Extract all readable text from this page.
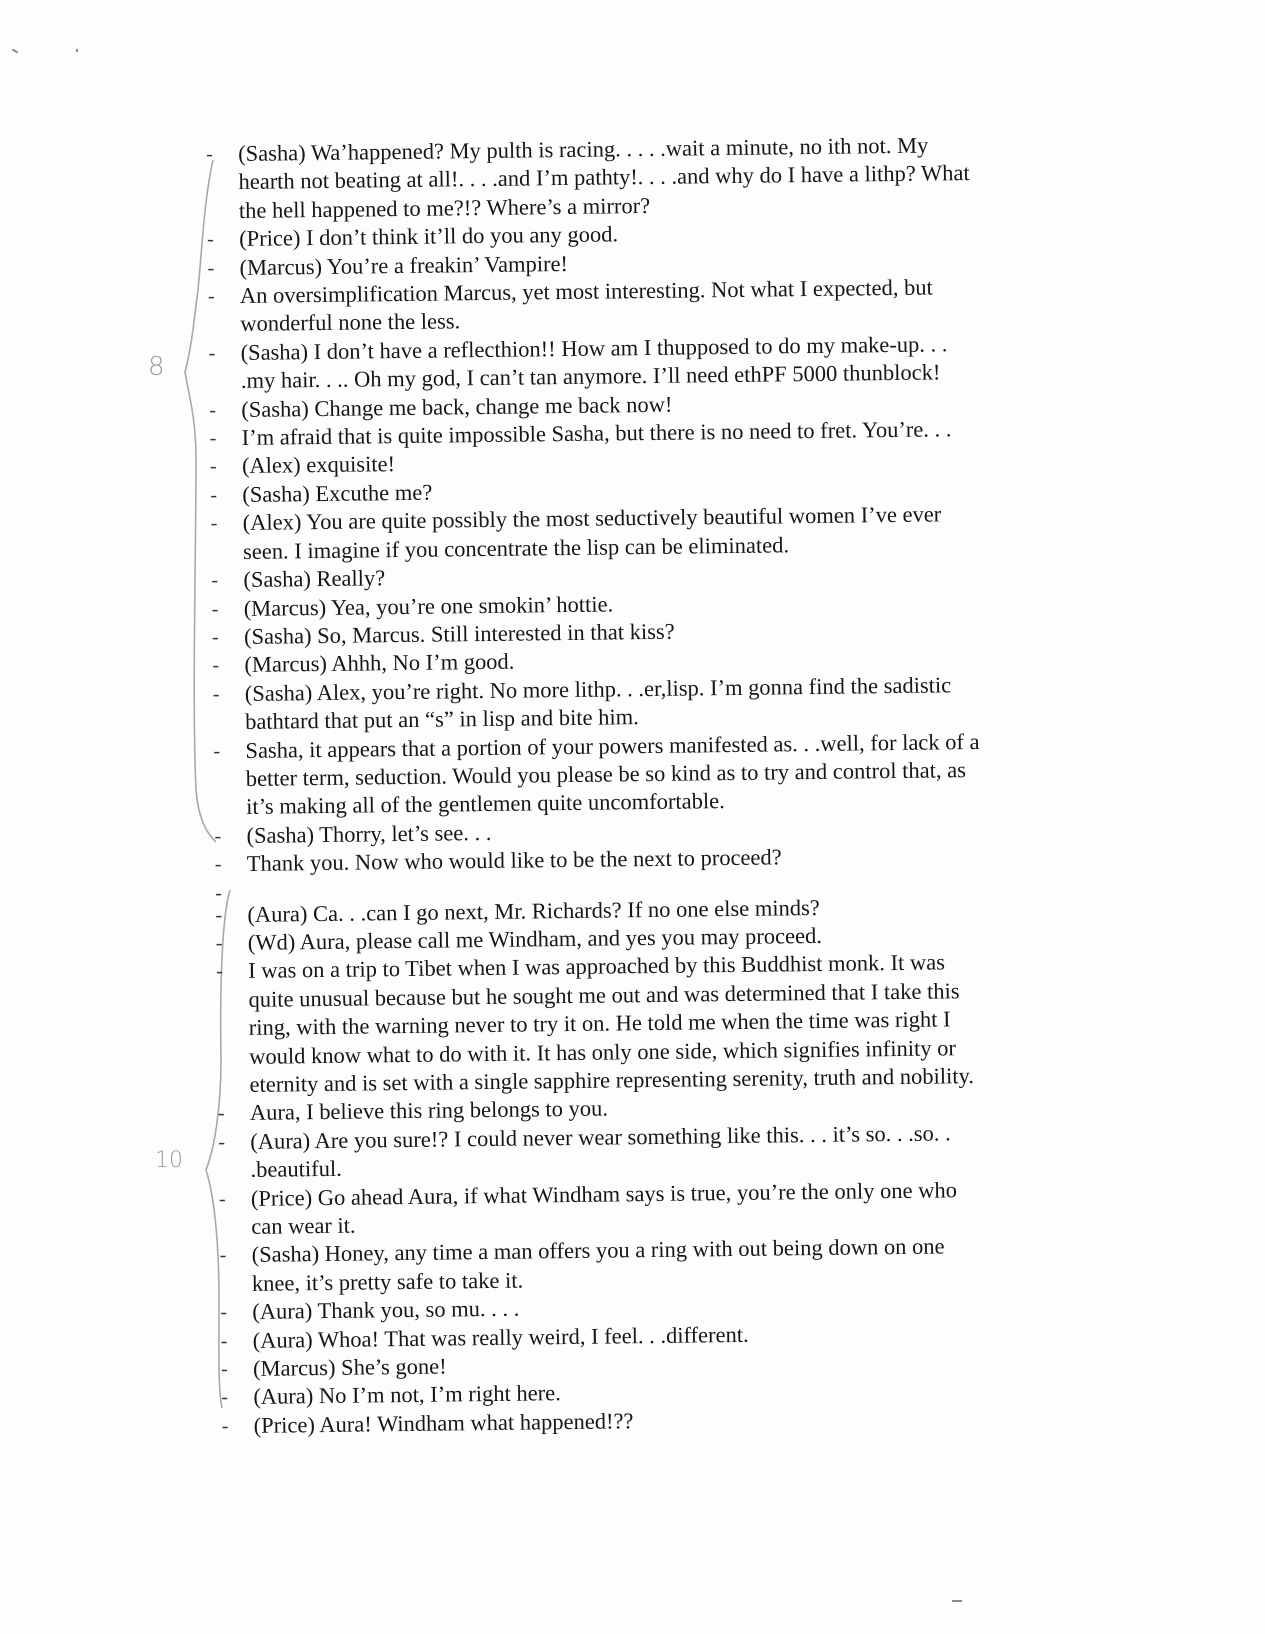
8
10
-	(Sasha) Wa’happened? My pulth is racing. . . . .wait a minute, no ith not. My
hearth not beating at all!. . . .and I’m pathty!. . . .and why do I have a lithp? What
the hell happened to me?!? Where’s a mirror?
-	(Price) I don’t think it’ll do you any good.
-	(Marcus) You’re a freakin’ Vampire!
-	An oversimplification Marcus, yet most interesting. Not what I expected, but
wonderful none the less.
-	(Sasha) I don’t have a reflecthion!! How am I thupposed to do my make-up. . .
.my hair. . .. Oh my god, I can’t tan anymore. I’ll need ethPF 5000 thunblock!
-	(Sasha) Change me back, change me back now!
-	I’m afraid that is quite impossible Sasha, but there is no need to fret. You’re. . .
-	(Alex) exquisite!
-	(Sasha) Excuthe me?
-	(Alex) You are quite possibly the most seductively beautiful women I’ve ever
seen. I imagine if you concentrate the lisp can be eliminated.
-	(Sasha) Really?
-	(Marcus) Yea, you’re one smokin’ hottie.
-	(Sasha) So, Marcus. Still interested in that kiss?
-	(Marcus) Ahhh, No I’m good.
-	(Sasha) Alex, you’re right. No more lithp. . .er,lisp. I’m gonna find the sadistic
bathtard that put an “s” in lisp and bite him.
-	Sasha, it appears that a portion of your powers manifested as. . .well, for lack of a
better term, seduction. Would you please be so kind as to try and control that, as
it’s making all of the gentlemen quite uncomfortable.
-	(Sasha) Thorry, let’s see. . .
-	Thank you. Now who would like to be the next to proceed?
-
-	(Aura) Ca. . .can I go next, Mr. Richards? If no one else minds?
-	(Wd) Aura, please call me Windham, and yes you may proceed.
-	I was on a trip to Tibet when I was approached by this Buddhist monk. It was
quite unusual because but he sought me out and was determined that I take this
ring, with the warning never to try it on. He told me when the time was right I
would know what to do with it. It has only one side, which signifies infinity or
eternity and is set with a single sapphire representing serenity, truth and nobility.
-	Aura, I believe this ring belongs to you.
-	(Aura) Are you sure!? I could never wear something like this. . . it’s so. . .so. .
.beautiful.
-	(Price) Go ahead Aura, if what Windham says is true, you’re the only one who
can wear it.
-	(Sasha) Honey, any time a man offers you a ring with out being down on one
knee, it’s pretty safe to take it.
-	(Aura) Thank you, so mu. . . .
-	(Aura) Whoa! That was really weird, I feel. . .different.
-	(Marcus) She’s gone!
-	(Aura) No I’m not, I’m right here.
-	(Price) Aura! Windham what happened!??
